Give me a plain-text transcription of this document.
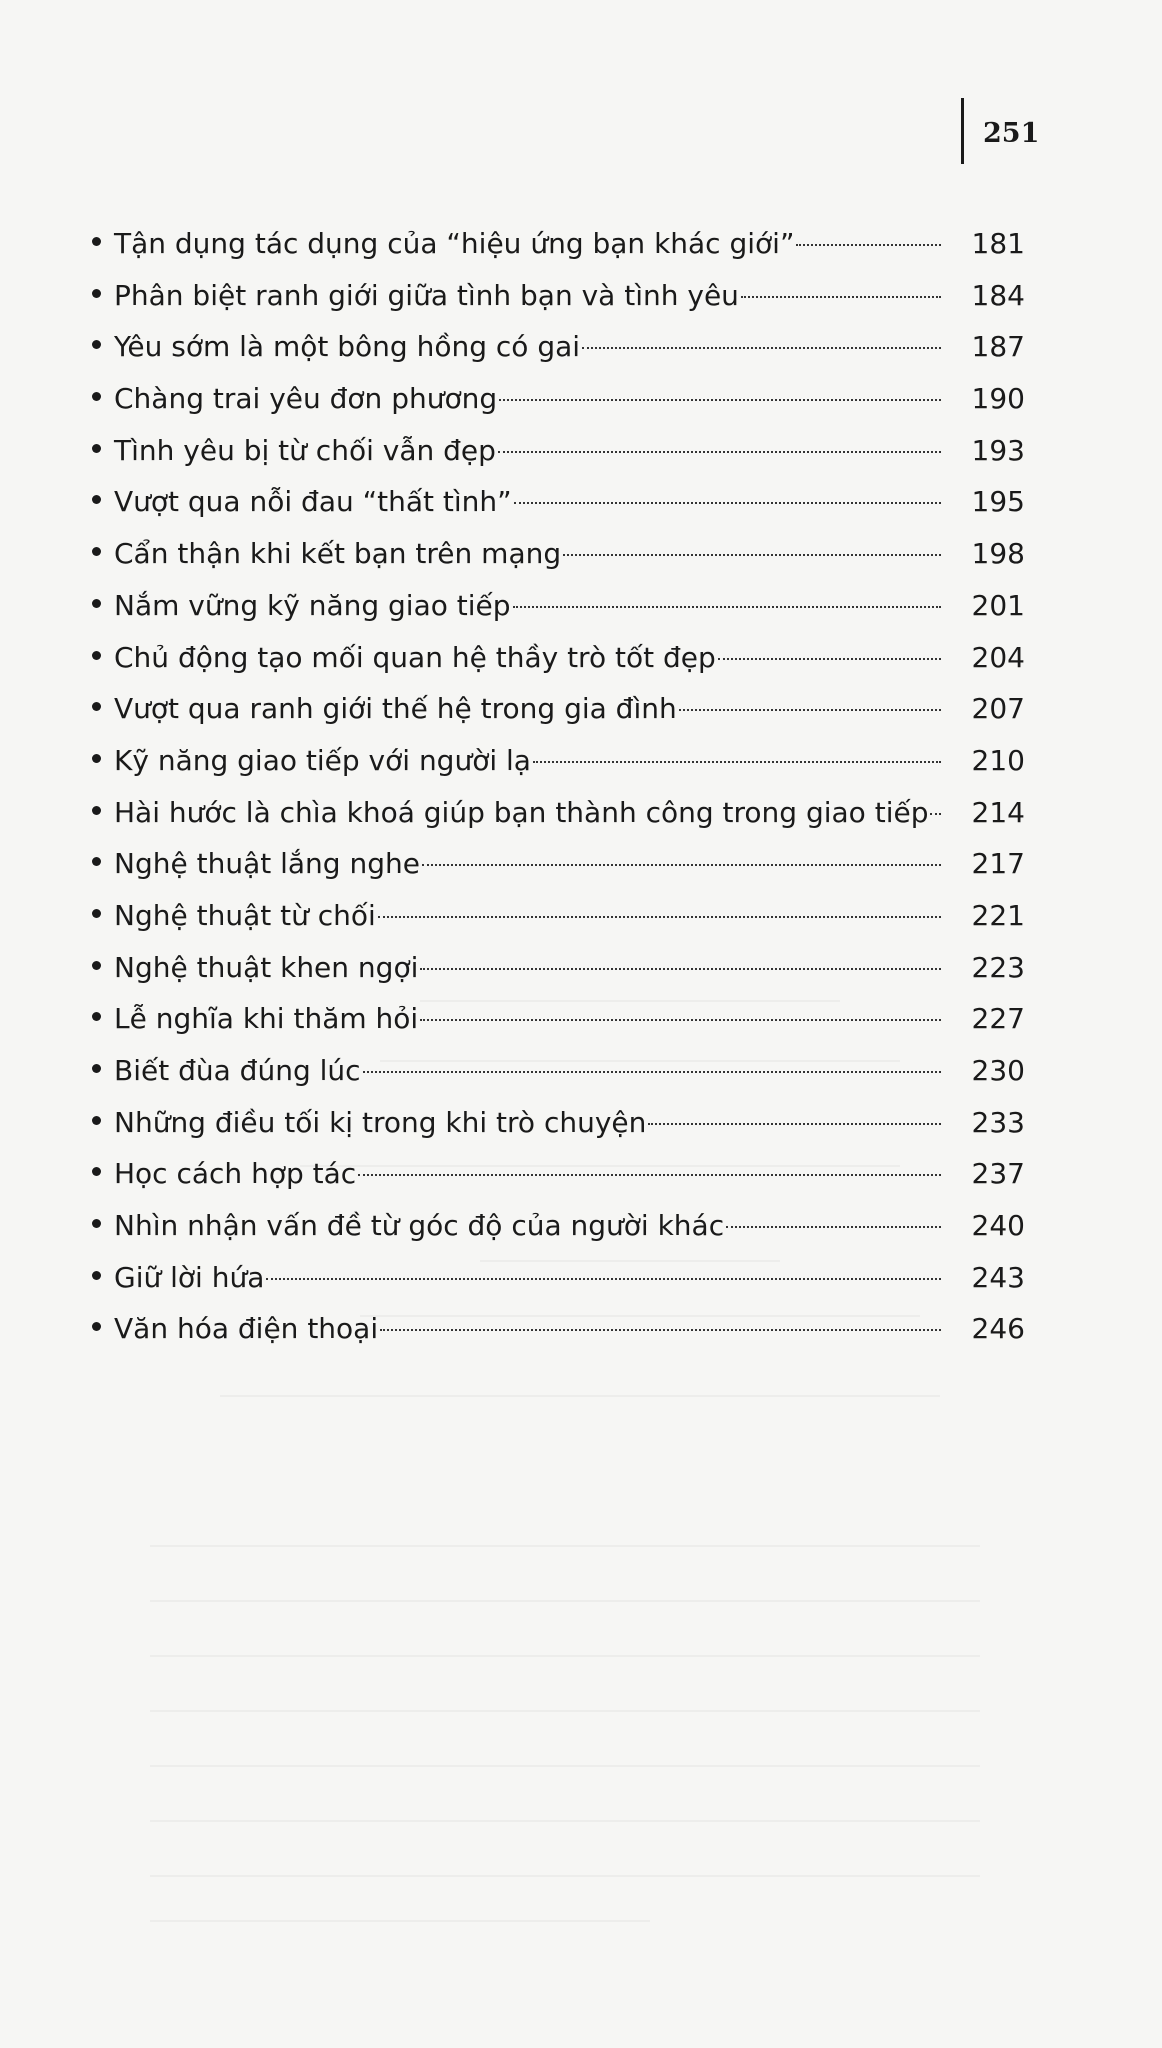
251
Tận dụng tác dụng của “hiệu ứng bạn khác giới”	181
Phân biệt ranh giới giữa tình bạn và tình yêu	184
Yêu sớm là một bông hồng có gai	187
Chàng trai yêu đơn phương	190
Tình yêu bị từ chối vẫn đẹp	193
Vượt qua nỗi đau “thất tình”	195
Cẩn thận khi kết bạn trên mạng	198
Nắm vững kỹ năng giao tiếp	201
Chủ động tạo mối quan hệ thầy trò tốt đẹp	204
Vượt qua ranh giới thế hệ trong gia đình	207
Kỹ năng giao tiếp với người lạ	210
Hài hước là chìa khoá giúp bạn thành công trong giao tiếp 214
Nghệ thuật lắng nghe	217
Nghệ thuật từ chối	221
Nghệ thuật khen ngợi	223
Lễ nghĩa khi thăm hỏi	227
Biết đùa đúng lúc	230
Những điều tối kị trong khi trò chuyện	233
Học cách hợp tác	237
Nhìn nhận vấn đề từ góc độ của người khác	240
Giữ lời hứa	243
Văn hóa điện thoại	246
